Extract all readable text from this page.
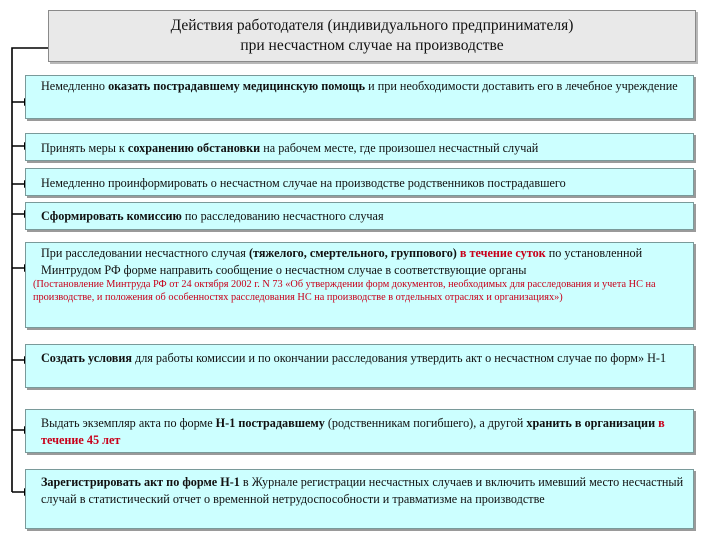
Действия работодателя (индивидуального предпринимателя)
при несчастном случае на производстве

Немедленно оказать пострадавшему медицинскую помощь и при необходимости доставить его в лечебное учреждение

Принять меры к сохранению обстановки на рабочем месте, где произошел несчастный случай

Немедленно проинформировать о несчастном случае на производстве родственников пострадавшего

Сформировать комиссию по расследованию несчастного случая

При расследовании несчастного случая (тяжелого, смертельного, группового) в течение суток по установленной Минтрудом РФ форме направить сообщение о несчастном случае в соответствующие органы

(Постановление Минтруда РФ от 24 октября 2002 г. N 73 «Об утверждении форм документов, необходимых для расследования и учета НС на производстве, и положения об особенностях расследования НС на производстве в отдельных отраслях и организациях»)

Создать условия для работы комиссии и по окончании расследования утвердить акт о несчастном случае по форм» Н-1

Выдать экземпляр акта по форме Н-1 пострадавшему (родственникам погибшего), а другой хранить в организации в течение 45 лет

Зарегистрировать акт по форме Н-1 в Журнале регистрации несчастных случаев и включить имевший место несчастный случай в статистический отчет о временной нетрудоспособности и травматизме на производстве
